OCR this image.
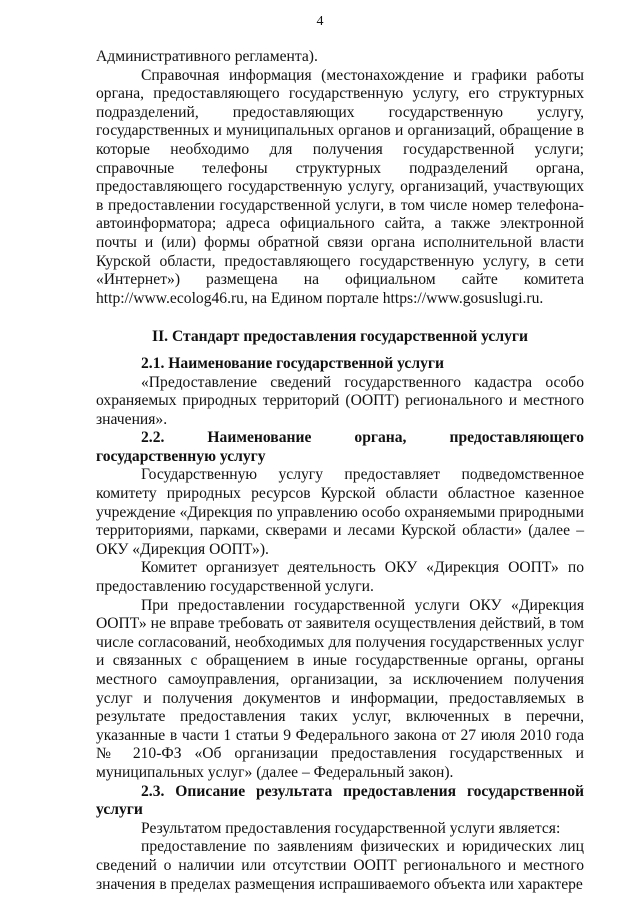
4

Административного регламента).

Справочная информация (местонахождение и графики работы органа, предоставляющего государственную услугу, его структурных подразделений, предоставляющих государственную услугу, государственных и муниципальных органов и организаций, обращение в которые необходимо для получения государственной услуги; справочные телефоны структурных подразделений органа, предоставляющего государственную услугу, организаций, участвующих в предоставлении государственной услуги, в том числе номер телефона-автоинформатора; адреса официального сайта, а также электронной почты и (или) формы обратной связи органа исполнительной власти Курской области, предоставляющего государственную услугу, в сети «Интернет») размещена на официальном сайте комитета http://www.ecolog46.ru, на Едином портале https://www.gosuslugi.ru.

II. Стандарт предоставления государственной услуги

2.1. Наименование государственной услуги

«Предоставление сведений государственного кадастра особо охраняемых природных территорий (ООПТ) регионального и местного значения».

2.2. Наименование органа, предоставляющего государственную услугу

Государственную услугу предоставляет подведомственное комитету природных ресурсов Курской области областное казенное учреждение «Дирекция по управлению особо охраняемыми природными территориями, парками, скверами и лесами Курской области» (далее – ОКУ «Дирекция ООПТ»).

Комитет организует деятельность ОКУ «Дирекция ООПТ» по предоставлению государственной услуги.

При предоставлении государственной услуги ОКУ «Дирекция ООПТ» не вправе требовать от заявителя осуществления действий, в том числе согласований, необходимых для получения государственных услуг и связанных с обращением в иные государственные органы, органы местного самоуправления, организации, за исключением получения услуг и получения документов и информации, предоставляемых в результате предоставления таких услуг, включенных в перечни, указанные в части 1 статьи 9 Федерального закона от 27 июля 2010 года № 210-ФЗ «Об организации предоставления государственных и муниципальных услуг» (далее – Федеральный закон).

2.3. Описание результата предоставления государственной услуги

Результатом предоставления государственной услуги является:

предоставление по заявлениям физических и юридических лиц сведений о наличии или отсутствии ООПТ регионального и местного значения в пределах размещения испрашиваемого объекта или характере
